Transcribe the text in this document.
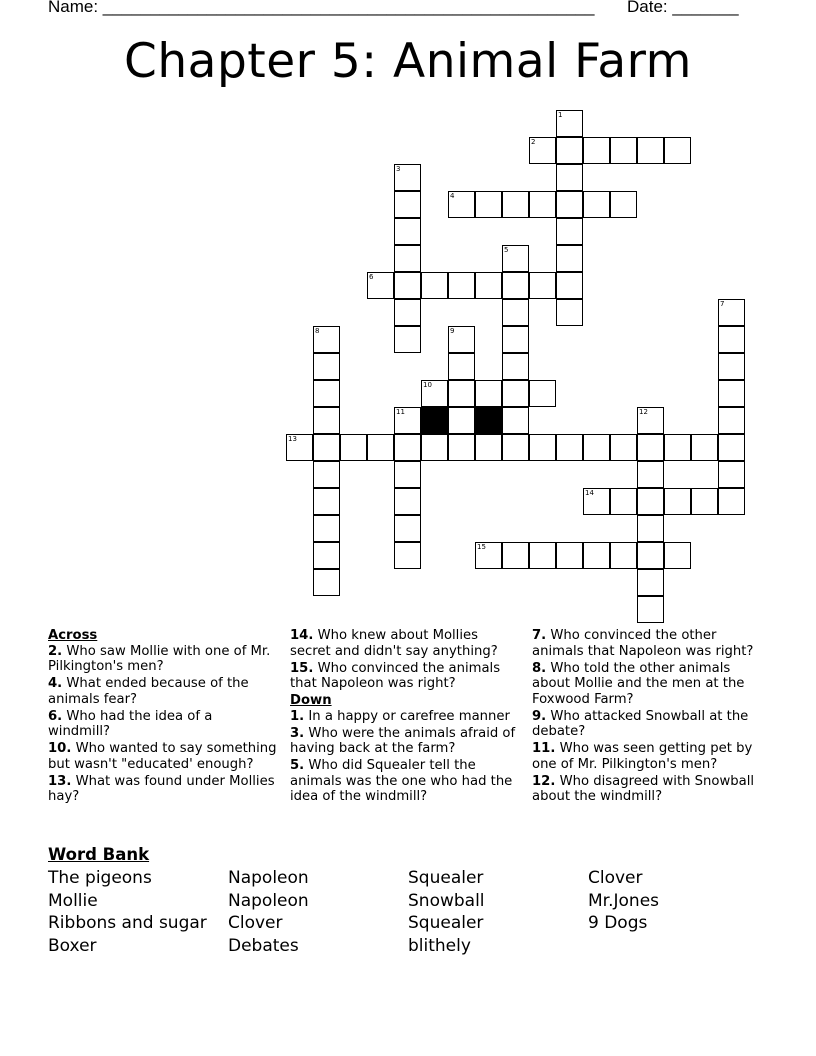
Name: ____________________________________________________ Date: _______
Chapter 5: Animal Farm
1
2
3
4
5
6
7
8	9
10
11	12
13
14
15
Across
2. Who saw Mollie with one of Mr. Pilkington's men?
4. What ended because of the animals fear?
6. Who had the idea of a windmill?
10. Who wanted to say something but wasn't "educated' enough?
13. What was found under Mollies hay?
14. Who knew about Mollies secret and didn't say anything?
15. Who convinced the animals that Napoleon was right?
Down
1. In a happy or carefree manner
3. Who were the animals afraid of having back at the farm?
5. Who did Squealer tell the animals was the one who had the idea of the windmill?
7. Who convinced the other animals that Napoleon was right?
8. Who told the other animals about Mollie and the men at the Foxwood Farm?
9. Who attacked Snowball at the debate?
11. Who was seen getting pet by one of Mr. Pilkington's men?
12. Who disagreed with Snowball about the windmill?
Word Bank
The pigeons	Napoleon	Squealer	Clover
Mollie	Napoleon	Snowball	Mr.Jones
Ribbons and sugar	Clover	Squealer	9 Dogs
Boxer	Debates	blithely
